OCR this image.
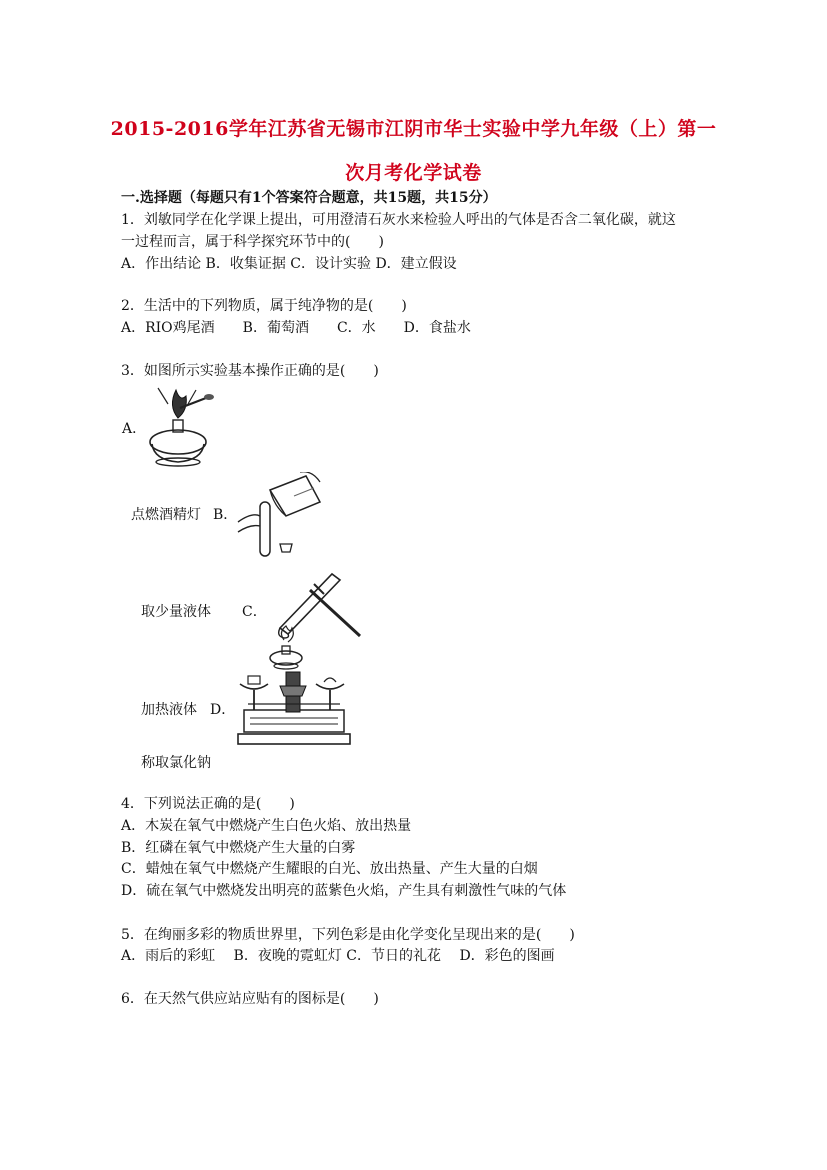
2015-2016学年江苏省无锡市江阴市华士实验中学九年级（上）第一
次月考化学试卷
一.选择题（每题只有1个答案符合题意，共15题，共15分）
1．刘敏同学在化学课上提出，可用澄清石灰水来检验人呼出的气体是否含二氧化碳，就这
一过程而言，属于科学探究环节中的(　　)
A．作出结论 B．收集证据 C．设计实验 D．建立假设
2．生活中的下列物质，属于纯净物的是(　　)
A．RIO鸡尾酒　　B．葡萄酒　　C．水　　D．食盐水
3．如图所示实验基本操作正确的是(　　)
A．
点燃酒精灯 B．
取少量液体 C．
加热液体 D．
称取氯化钠
4．下列说法正确的是(　　)
A．木炭在氧气中燃烧产生白色火焰、放出热量
B．红磷在氧气中燃烧产生大量的白雾
C．蜡烛在氧气中燃烧产生耀眼的白光、放出热量、产生大量的白烟
D．硫在氧气中燃烧发出明亮的蓝紫色火焰，产生具有刺激性气味的气体
5．在绚丽多彩的物质世界里，下列色彩是由化学变化呈现出来的是(　　)
A．雨后的彩虹　 B．夜晚的霓虹灯 C．节日的礼花　 D．彩色的图画
6．在天然气供应站应贴有的图标是(　　)
